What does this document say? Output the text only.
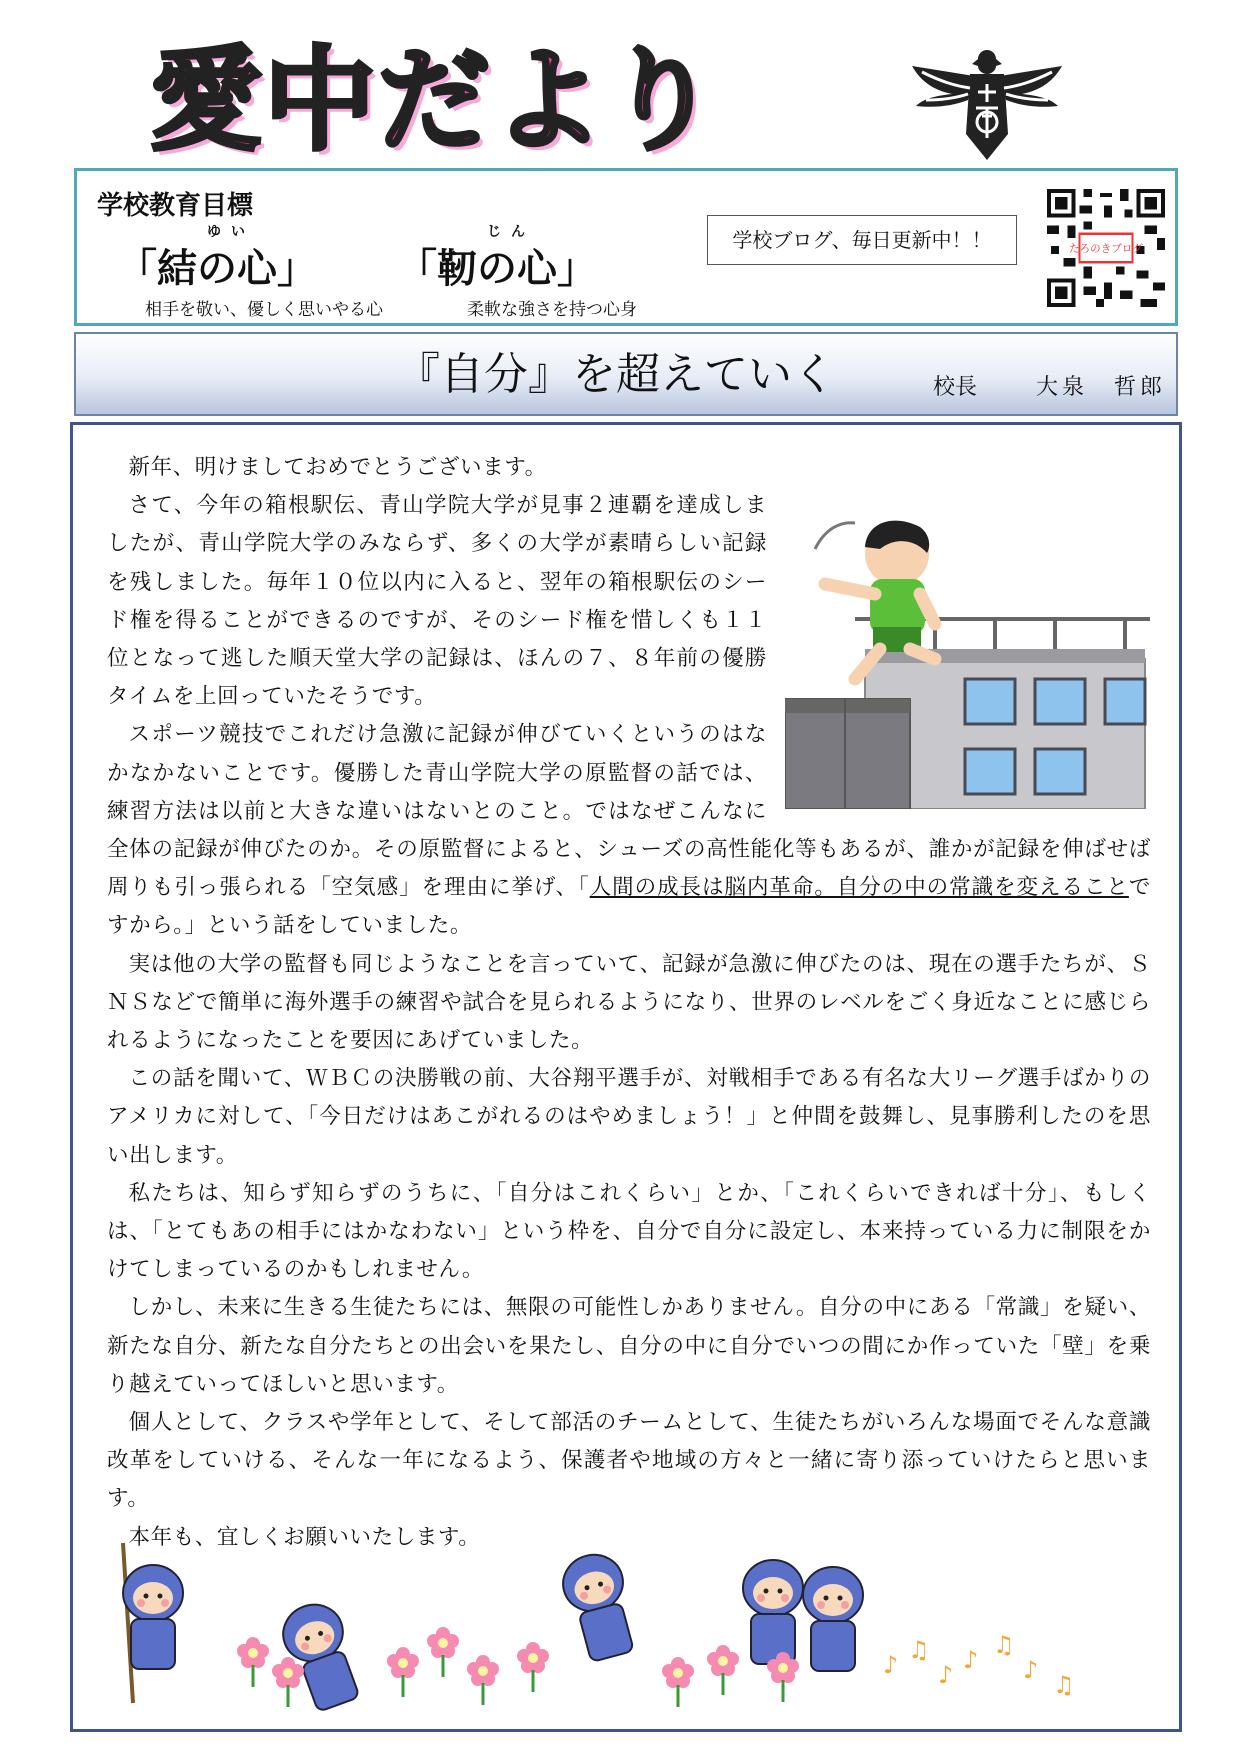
愛中だより
学校教育目標
ゆい
「結の心」
相手を敬い、優しく思いやる心
じん
「靭の心」
柔軟な強さを持つ心身
学校ブログ、毎日更新中！！	たろのきブログ
『自分』を超えていく	校長	大泉　哲郎

新年、明けましておめでとうございます。

さて、今年の箱根駅伝、青山学院大学が見事２連覇を達成しましたが、青山学院大学のみならず、多くの大学が素晴らしい記録を残しました。毎年１０位以内に入ると、翌年の箱根駅伝のシード権を得ることができるのですが、そのシード権を惜しくも１１位となって逃した順天堂大学の記録は、ほんの７、８年前の優勝タイムを上回っていたそうです。

スポーツ競技でこれだけ急激に記録が伸びていくというのはなかなかないことです。優勝した青山学院大学の原監督の話では、練習方法は以前と大きな違いはないとのこと。ではなぜこんなに全体の記録が伸びたのか。その原監督によると、シューズの高性能化等もあるが、誰かが記録を伸ばせば周りも引っ張られる「空気感」を理由に挙げ、「人間の成長は脳内革命。自分の中の常識を変えることですから。」という話をしていました。

実は他の大学の監督も同じようなことを言っていて、記録が急激に伸びたのは、現在の選手たちが、ＳＮＳなどで簡単に海外選手の練習や試合を見られるようになり、世界のレベルをごく身近なことに感じられるようになったことを要因にあげていました。

この話を聞いて、ＷＢＣの決勝戦の前、大谷翔平選手が、対戦相手である有名な大リーグ選手ばかりのアメリカに対して、「今日だけはあこがれるのはやめましょう！」と仲間を鼓舞し、見事勝利したのを思い出します。

私たちは、知らず知らずのうちに、「自分はこれくらい」とか、「これくらいできれば十分」、もしくは、「とてもあの相手にはかなわない」という枠を、自分で自分に設定し、本来持っている力に制限をかけてしまっているのかもしれません。

しかし、未来に生きる生徒たちには、無限の可能性しかありません。自分の中にある「常識」を疑い、新たな自分、新たな自分たちとの出会いを果たし、自分の中に自分でいつの間にか作っていた「壁」を乗り越えていってほしいと思います。

個人として、クラスや学年として、そして部活のチームとして、生徒たちがいろんな場面でそんな意識改革をしていける、そんな一年になるよう、保護者や地域の方々と一緒に寄り添っていけたらと思います。

本年も、宜しくお願いいたします。

♪
♫
♪
♪
♫
♪
♫
